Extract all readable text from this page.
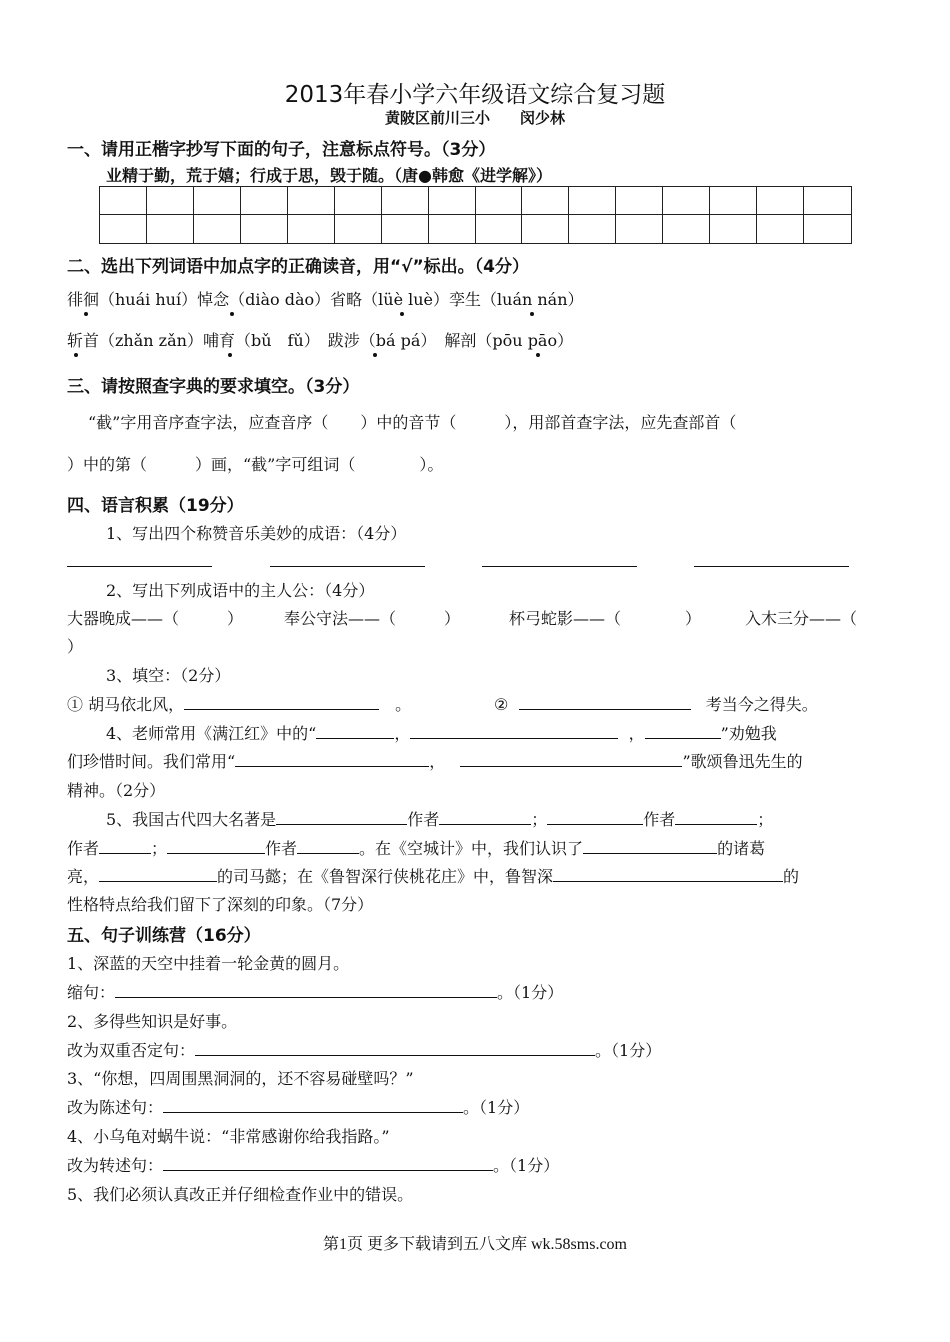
2013年春小学六年级语文综合复习题
黄陂区前川三小　　闵少林
一、请用正楷字抄写下面的句子，注意标点符号。（3分）
业精于勤，荒于嬉；行成于思，毁于随。（唐●韩愈《进学解》）
二、选出下列词语中加点字的正确读音，用“√”标出。（4分）
徘徊（huái huí）悼念（diào dào）省略（lüè luè）孪生（luán nán）
斩首（zhǎn zǎn）哺育（bǔ　fǔ）　 跋涉（bá pá）　 解剖（pōu pāo）
三、请按照查字典的要求填空。（3分）
“截”字用音序查字法，应查音序（　　）中的音节（　　　），用部首查字法，应先查部首（
）中的第（　　　）画，“截”字可组词（　　　　）。
四、语言积累（19分）
1、写出四个称赞音乐美妙的成语：（4分）
2、写出下列成语中的主人公：（4分）
大器晚成——（　　　）	奉公守法——（　　　）	杯弓蛇影——（　　　　）	入木三分——（
）
3、填空：（2分）
① 胡马依北风，　	。	②	考当今之得失。
4、老师常用《满江红》中的“	，	，	”劝勉我
们珍惜时间。我们常用“	，	”歌颂鲁迅先生的
精神。（2分）
5、我国古代四大名著是	作者	；	作者	；
作者	；	作者	。在《空城计》中，我们认识了	的诸葛
亮，	的司马懿；在《鲁智深行侠桃花庄》中，鲁智深	的
性格特点给我们留下了深刻的印象。（7分）
五、句子训练营（16分）
1、深蓝的天空中挂着一轮金黄的圆月。
缩句：	。（1分）
2、多得些知识是好事。
改为双重否定句：	。（1分）
3、“你想，四周围黑洞洞的，还不容易碰壁吗？”
改为陈述句：	。（1分）
4、小乌龟对蜗牛说：“非常感谢你给我指路。”
改为转述句：	。（1分）
5、我们必须认真改正并仔细检查作业中的错误。
第1页 更多下载请到五八文库 wk.58sms.com
